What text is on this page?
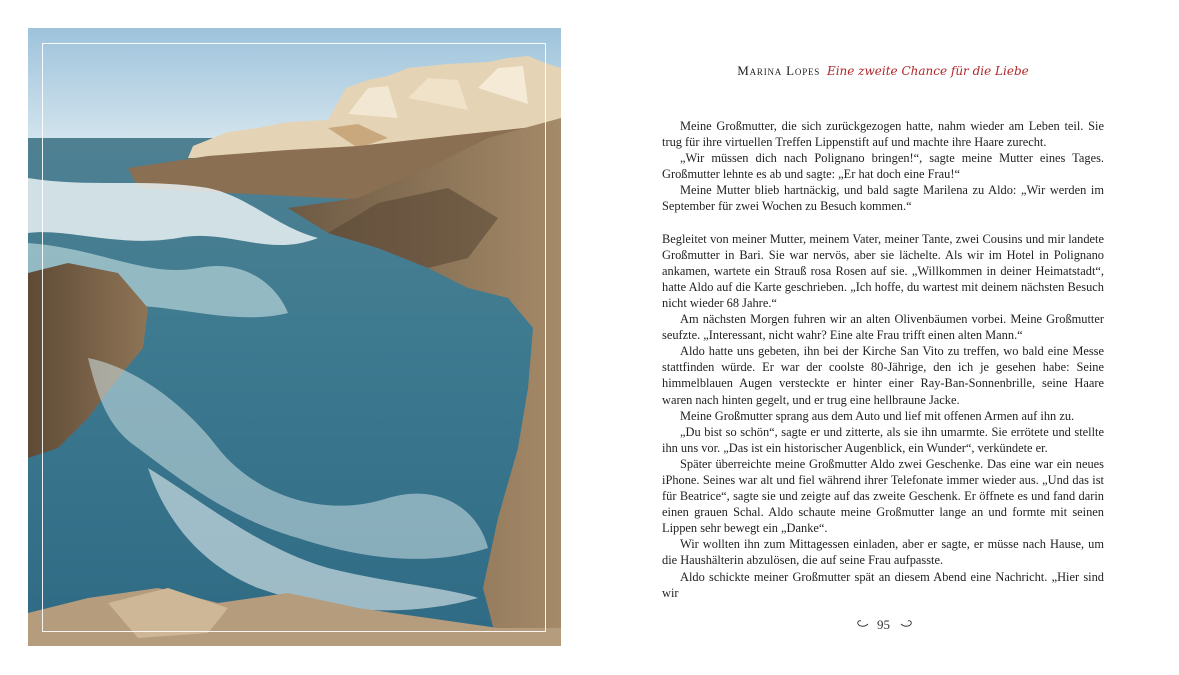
Marina Lopes Eine zweite Chance für die Liebe

Meine Großmutter, die sich zurückgezogen hatte, nahm wieder am Leben teil. Sie trug für ihre virtuellen Treffen Lippenstift auf und machte ihre Haare zurecht.

„Wir müssen dich nach Polignano bringen!“, sagte meine Mutter eines Tages. Großmutter lehnte es ab und sagte: „Er hat doch eine Frau!“

Meine Mutter blieb hartnäckig, und bald sagte Marilena zu Aldo: „Wir werden im September für zwei Wochen zu Besuch kommen.“

Begleitet von meiner Mutter, meinem Vater, meiner Tante, zwei Cousins und mir landete Großmutter in Bari. Sie war nervös, aber sie lächelte. Als wir im Hotel in Polignano ankamen, wartete ein Strauß rosa Rosen auf sie. „Willkommen in deiner Heimatstadt“, hatte Aldo auf die Karte geschrieben. „Ich hoffe, du wartest mit deinem nächsten Besuch nicht wieder 68 Jahre.“

Am nächsten Morgen fuhren wir an alten Olivenbäumen vorbei. Meine Großmutter seufzte. „Interessant, nicht wahr? Eine alte Frau trifft einen alten Mann.“

Aldo hatte uns gebeten, ihn bei der Kirche San Vito zu treffen, wo bald eine Messe stattfinden würde. Er war der coolste 80-Jährige, den ich je gesehen habe: Seine himmelblauen Augen versteckte er hinter einer Ray-Ban-Sonnenbrille, seine Haare waren nach hinten gegelt, und er trug eine hellbraune Jacke.

Meine Großmutter sprang aus dem Auto und lief mit offenen Armen auf ihn zu.

„Du bist so schön“, sagte er und zitterte, als sie ihn umarmte. Sie errötete und stellte ihn uns vor. „Das ist ein historischer Augenblick, ein Wunder“, verkündete er.

Später überreichte meine Großmutter Aldo zwei Geschenke. Das eine war ein neues iPhone. Seines war alt und fiel während ihrer Telefonate immer wieder aus. „Und das ist für Beatrice“, sagte sie und zeigte auf das zweite Geschenk. Er öffnete es und fand darin einen grauen Schal. Aldo schaute meine Großmutter lange an und formte mit seinen Lippen sehr bewegt ein „Danke“.

Wir wollten ihn zum Mittagessen einladen, aber er sagte, er müsse nach Hause, um die Haushälterin abzulösen, die auf seine Frau aufpasste.

Aldo schickte meiner Großmutter spät an diesem Abend eine Nachricht. „Hier sind wir

95
